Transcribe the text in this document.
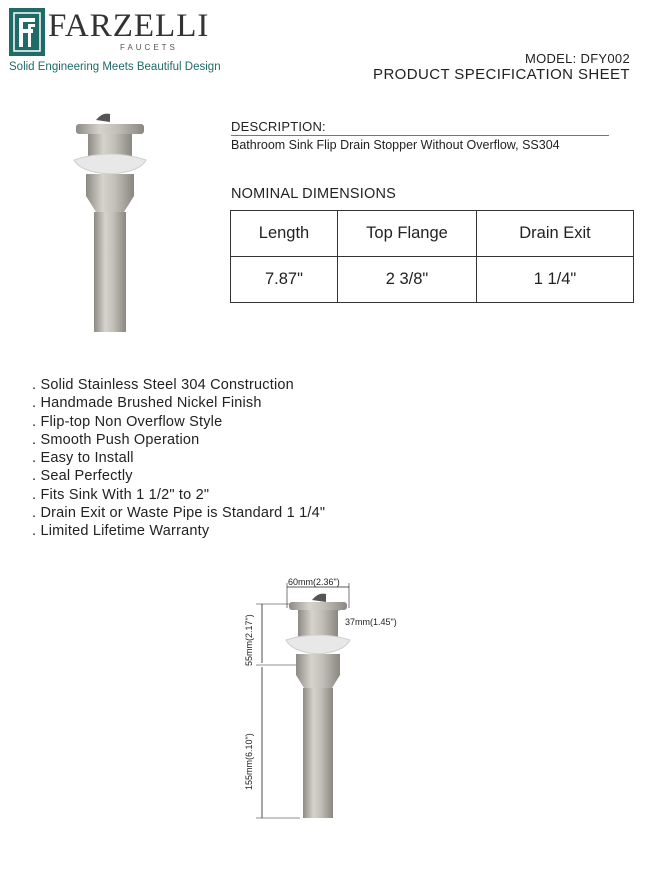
FARZELLI
FAUCETS
Solid Engineering Meets Beautiful Design
MODEL: DFY002
PRODUCT SPECIFICATION SHEET
DESCRIPTION:
Bathroom Sink Flip Drain Stopper Without Overflow, SS304
NOMINAL DIMENSIONS
Length	Top Flange	Drain Exit
7.87"	2 3/8"	1 1/4"
. Solid Stainless Steel 304 Construction
. Handmade Brushed Nickel Finish
. Flip-top Non Overflow Style
. Smooth Push Operation
. Easy to Install
. Seal Perfectly
. Fits Sink With 1 1/2" to 2"
. Drain Exit or Waste Pipe is Standard 1 1/4"
. Limited Lifetime Warranty
60mm(2.36")
37mm(1.45")
55mm(2.17")
155mm(6.10")
